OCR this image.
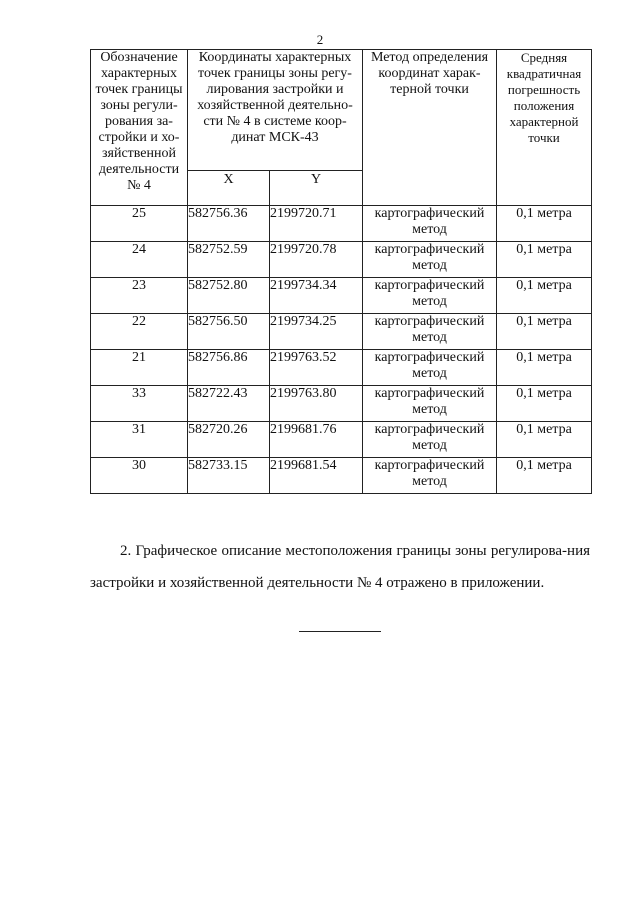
2
Обозначение характерных точек границы зоны регули-рования за-стройки и хо-зяйственной деятельности № 4	Координаты характерных точек границы зоны регу-лирования застройки и хозяйственной деятельно-сти № 4 в системе коор-динат МСК-43		Метод определения координат харак-терной точки	Средняя квадратичная погрешность положения характерной точки
	X	Y		
25	582756.36	2199720.71	картографический метод	0,1 метра
24	582752.59	2199720.78	картографический метод	0,1 метра
23	582752.80	2199734.34	картографический метод	0,1 метра
22	582756.50	2199734.25	картографический метод	0,1 метра
21	582756.86	2199763.52	картографический метод	0,1 метра
33	582722.43	2199763.80	картографический метод	0,1 метра
31	582720.26	2199681.76	картографический метод	0,1 метра
30	582733.15	2199681.54	картографический метод	0,1 метра

2. Графическое описание местоположения границы зоны регулирова-ния застройки и хозяйственной деятельности № 4 отражено в приложении.
